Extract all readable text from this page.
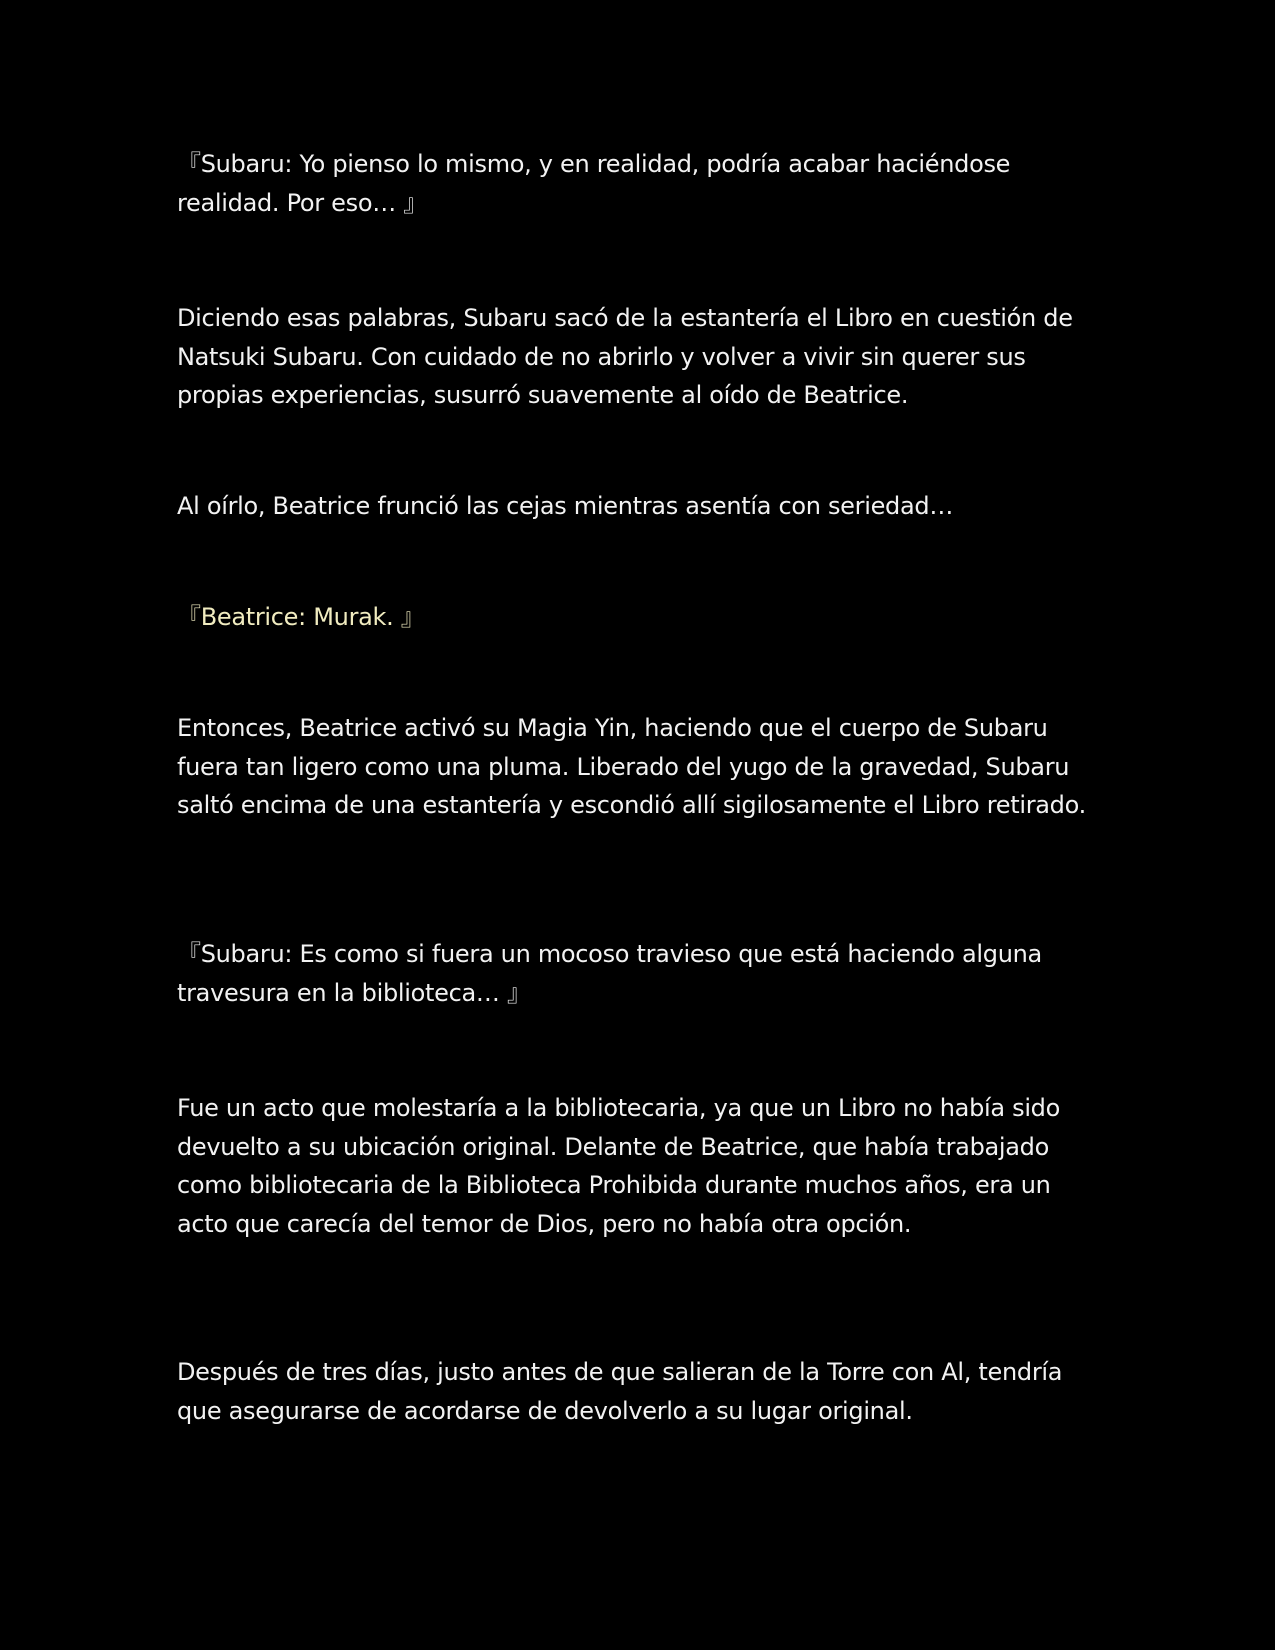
『Subaru: Yo pienso lo mismo, y en realidad, podría acabar haciéndose realidad. Por eso… 』

Diciendo esas palabras, Subaru sacó de la estantería el Libro en cuestión de Natsuki Subaru. Con cuidado de no abrirlo y volver a vivir sin querer sus propias experiencias, susurró suavemente al oído de Beatrice.

Al oírlo, Beatrice frunció las cejas mientras asentía con seriedad…

『Beatrice: Murak. 』

Entonces, Beatrice activó su Magia Yin, haciendo que el cuerpo de Subaru fuera tan ligero como una pluma. Liberado del yugo de la gravedad, Subaru saltó encima de una estantería y escondió allí sigilosamente el Libro retirado.

『Subaru: Es como si fuera un mocoso travieso que está haciendo alguna travesura en la biblioteca… 』

Fue un acto que molestaría a la bibliotecaria, ya que un Libro no había sido devuelto a su ubicación original. Delante de Beatrice, que había trabajado como bibliotecaria de la Biblioteca Prohibida durante muchos años, era un acto que carecía del temor de Dios, pero no había otra opción.

Después de tres días, justo antes de que salieran de la Torre con Al, tendría que asegurarse de acordarse de devolverlo a su lugar original.
